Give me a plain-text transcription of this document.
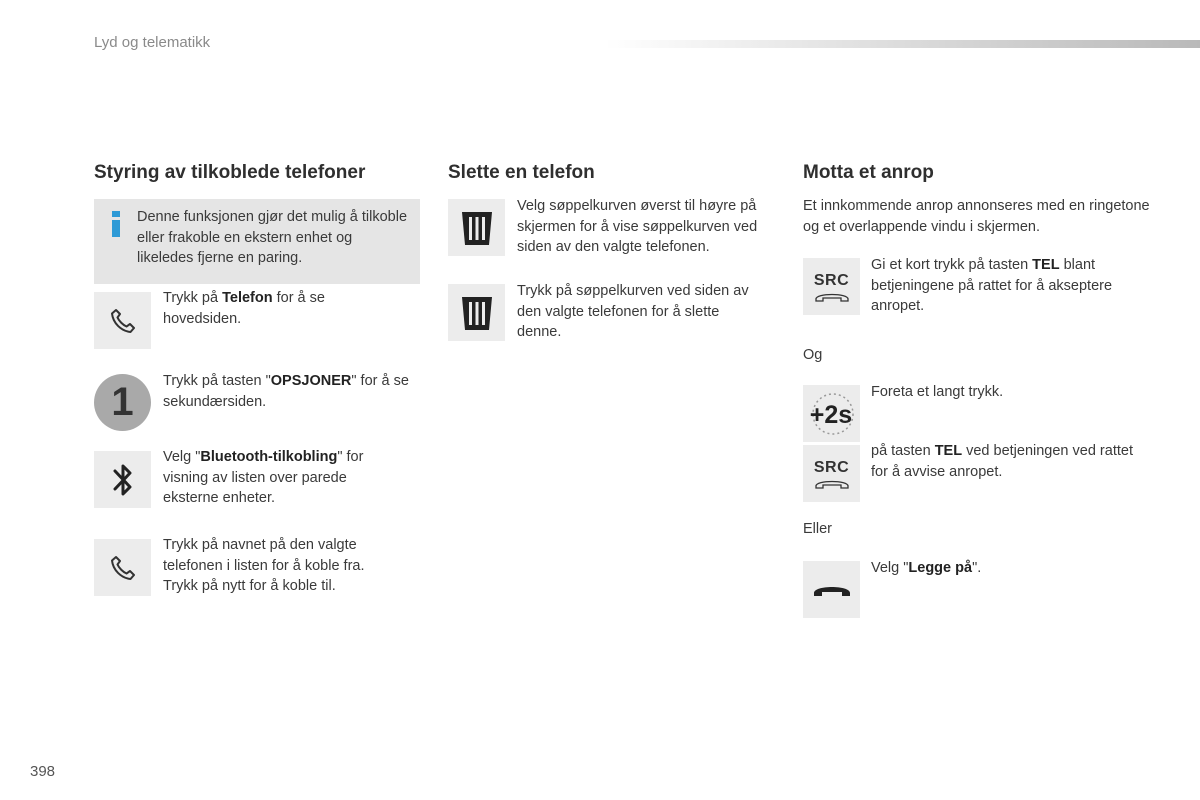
Lyd og telematikk
Styring av tilkoblede telefoner
Denne funksjonen gjør det mulig å tilkoble eller frakoble en ekstern enhet og likeledes fjerne en paring.
Trykk på Telefon for å se hovedsiden.
1	Trykk på tasten "OPSJONER" for å se sekundærsiden.
Velg "Bluetooth-tilkobling" for visning av listen over parede eksterne enheter.
Trykk på navnet på den valgte telefonen i listen for å koble fra. Trykk på nytt for å koble til.
Slette en telefon
Velg søppelkurven øverst til høyre på skjermen for å vise søppelkurven ved siden av den valgte telefonen.
Trykk på søppelkurven ved siden av den valgte telefonen for å slette denne.
Motta et anrop
Et innkommende anrop annonseres med en ringetone og et overlappende vindu i skjermen.
SRC
Gi et kort trykk på tasten TEL blant betjeningene på rattet for å akseptere anropet.
Og
+2s
Foreta et langt trykk.
SRC
på tasten TEL ved betjeningen ved rattet for å avvise anropet.
Eller
Velg "Legge på".
398
